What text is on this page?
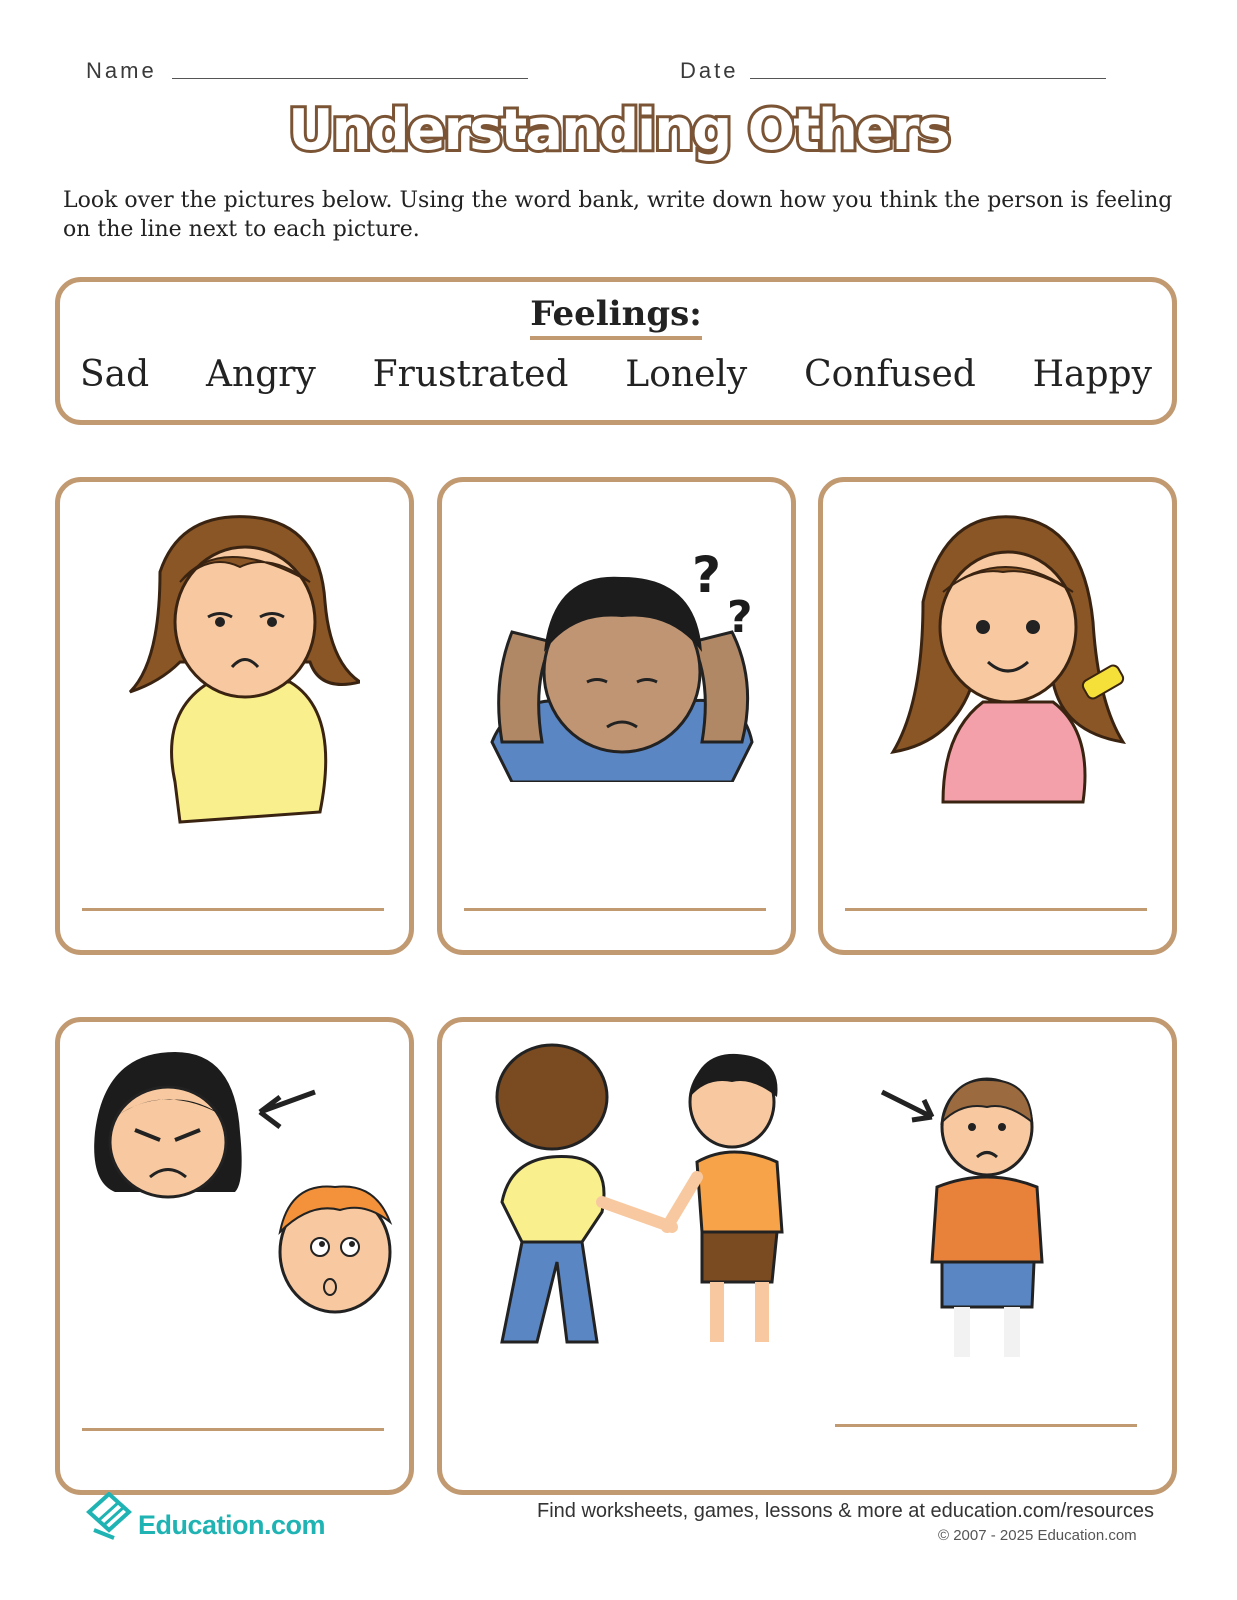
Name	Date
Understanding Others
Look over the pictures below. Using the word bank, write down how you think the person is feeling on the line next to each picture.
Feelings:
Sad Angry Frustrated Lonely Confused Happy
?
?
Education.com	Find worksheets, games, lessons & more at education.com/resources
© 2007 - 2025 Education.com
